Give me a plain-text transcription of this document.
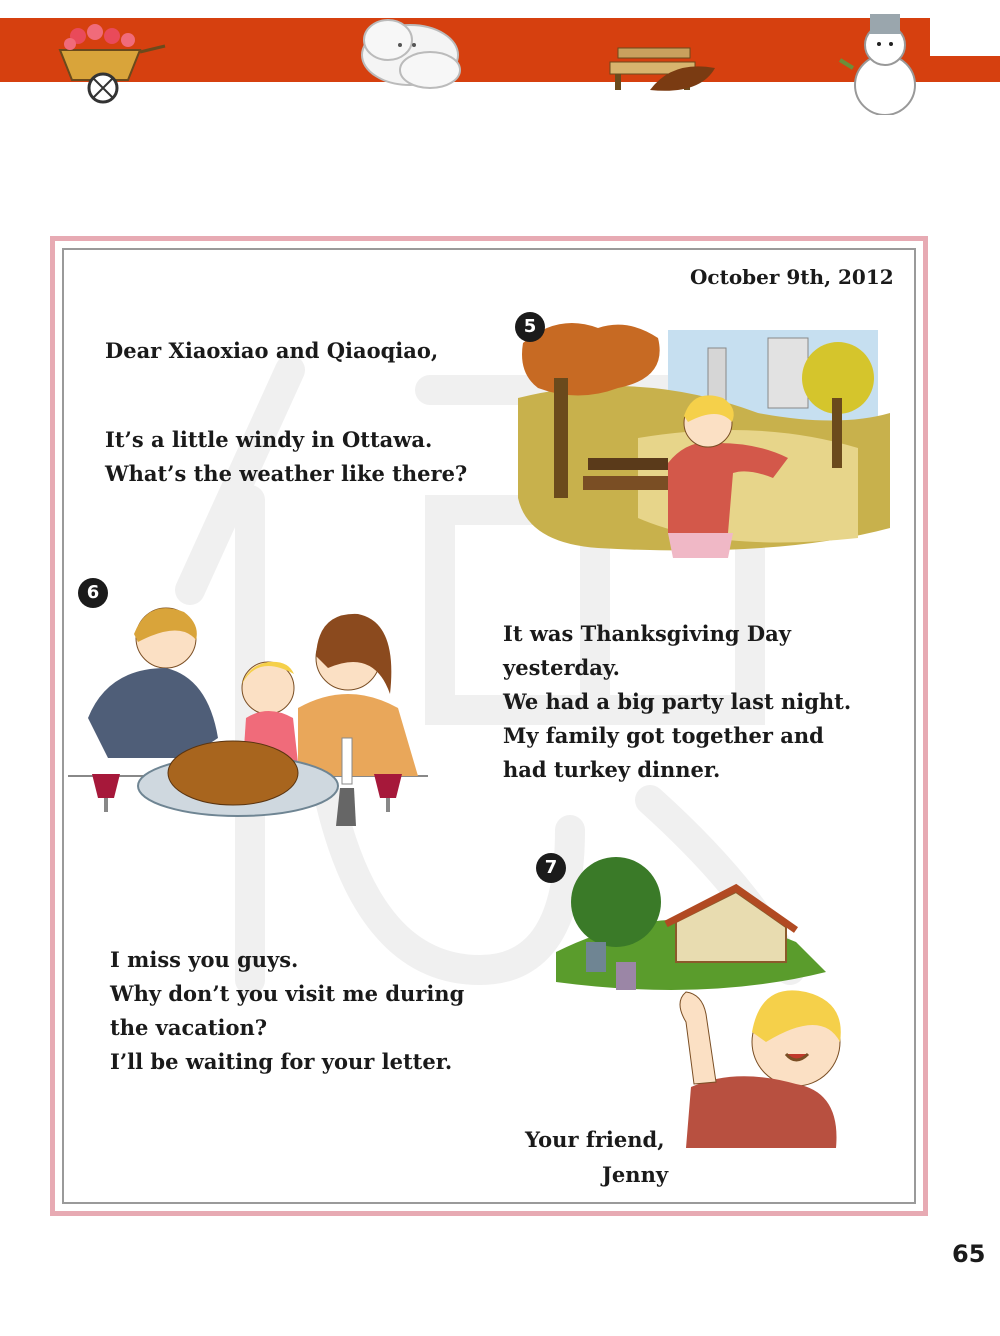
5
6
7
October 9th, 2012
Dear Xiaoxiao and Qiaoqiao,
It’s a little windy in Ottawa.
What’s the weather like there?
It was Thanksgiving Day
yesterday.
We had a big party last night.
My family got together and
had turkey dinner.
I miss you guys.
Why don’t you visit me during
the vacation?
I’ll be waiting for your letter.
Your friend,
Jenny
65
